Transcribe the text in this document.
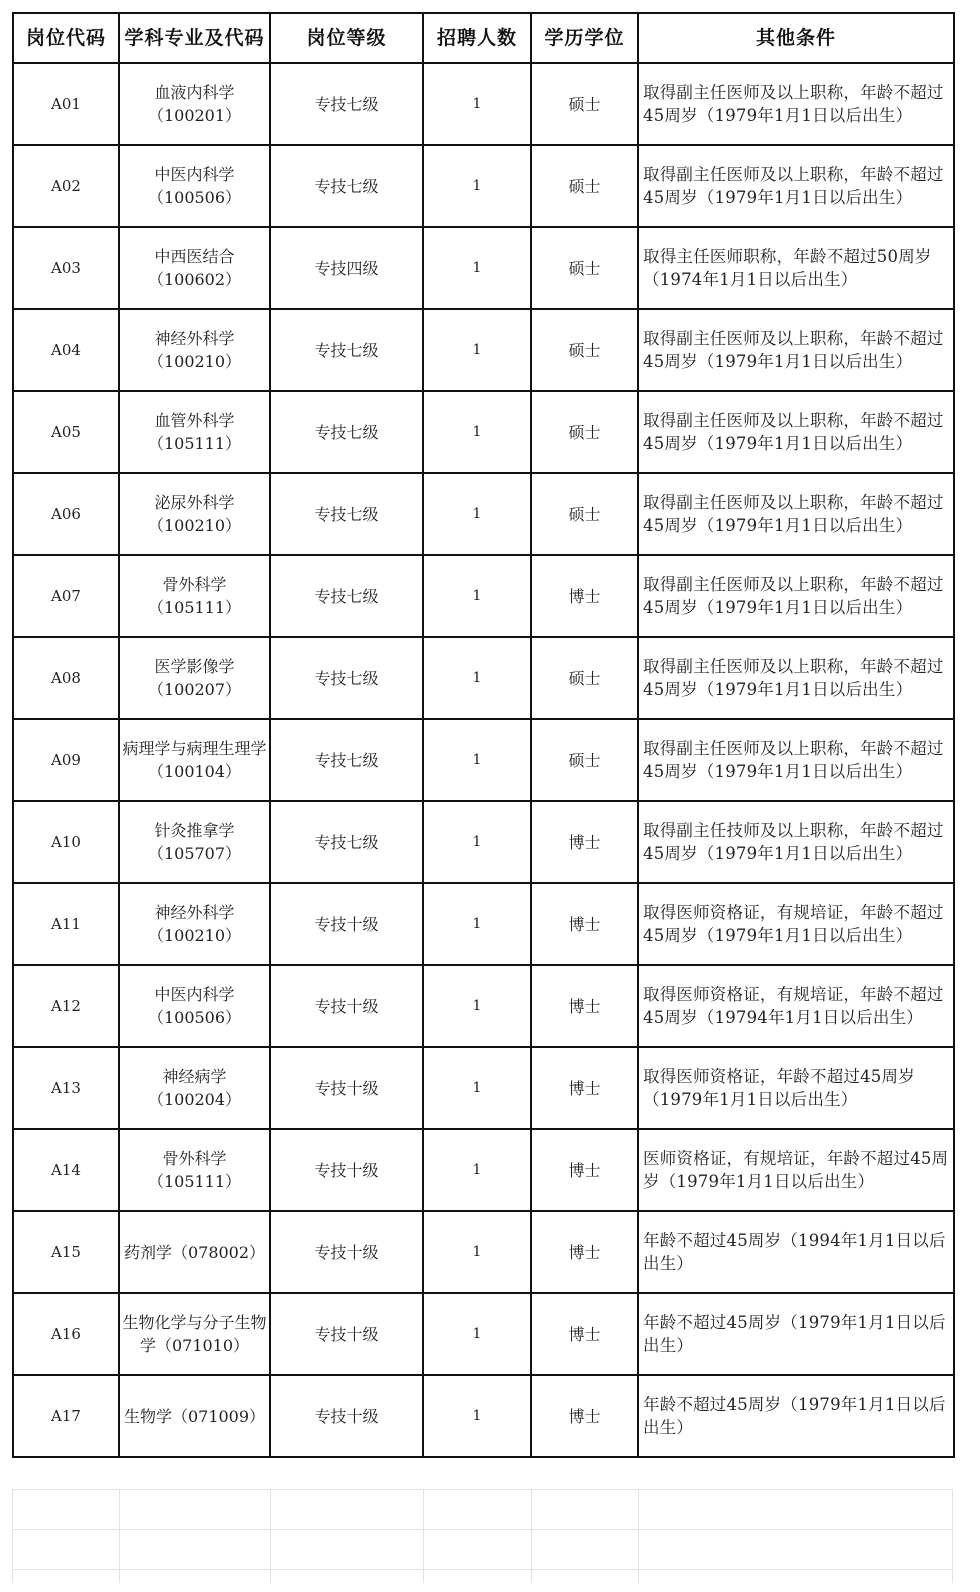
岗位代码	学科专业及代码	岗位等级	招聘人数	学历学位	其他条件
A01	血液内科学（100201）	专技七级	1	硕士	取得副主任医师及以上职称，年龄不超过45周岁（1979年1月1日以后出生）
A02	中医内科学（100506）	专技七级	1	硕士	取得副主任医师及以上职称，年龄不超过45周岁（1979年1月1日以后出生）
A03	中西医结合（100602）	专技四级	1	硕士	取得主任医师职称，年龄不超过50周岁（1974年1月1日以后出生）
A04	神经外科学（100210）	专技七级	1	硕士	取得副主任医师及以上职称，年龄不超过45周岁（1979年1月1日以后出生）
A05	血管外科学（105111）	专技七级	1	硕士	取得副主任医师及以上职称，年龄不超过45周岁（1979年1月1日以后出生）
A06	泌尿外科学（100210）	专技七级	1	硕士	取得副主任医师及以上职称，年龄不超过45周岁（1979年1月1日以后出生）
A07	骨外科学（105111）	专技七级	1	博士	取得副主任医师及以上职称，年龄不超过45周岁（1979年1月1日以后出生）
A08	医学影像学（100207）	专技七级	1	硕士	取得副主任医师及以上职称，年龄不超过45周岁（1979年1月1日以后出生）
A09	病理学与病理生理学（100104）	专技七级	1	硕士	取得副主任医师及以上职称，年龄不超过45周岁（1979年1月1日以后出生）
A10	针灸推拿学（105707）	专技七级	1	博士	取得副主任技师及以上职称，年龄不超过45周岁（1979年1月1日以后出生）
A11	神经外科学（100210）	专技十级	1	博士	取得医师资格证，有规培证，年龄不超过45周岁（1979年1月1日以后出生）
A12	中医内科学（100506）	专技十级	1	博士	取得医师资格证，有规培证，年龄不超过45周岁（19794年1月1日以后出生）
A13	神经病学（100204）	专技十级	1	博士	取得医师资格证，年龄不超过45周岁（1979年1月1日以后出生）
A14	骨外科学（105111）	专技十级	1	博士	医师资格证，有规培证，年龄不超过45周岁（1979年1月1日以后出生）
A15	药剂学（078002）	专技十级	1	博士	年龄不超过45周岁（1994年1月1日以后出生）
A16	生物化学与分子生物学（071010）	专技十级	1	博士	年龄不超过45周岁（1979年1月1日以后出生）
A17	生物学（071009）	专技十级	1	博士	年龄不超过45周岁（1979年1月1日以后出生）
